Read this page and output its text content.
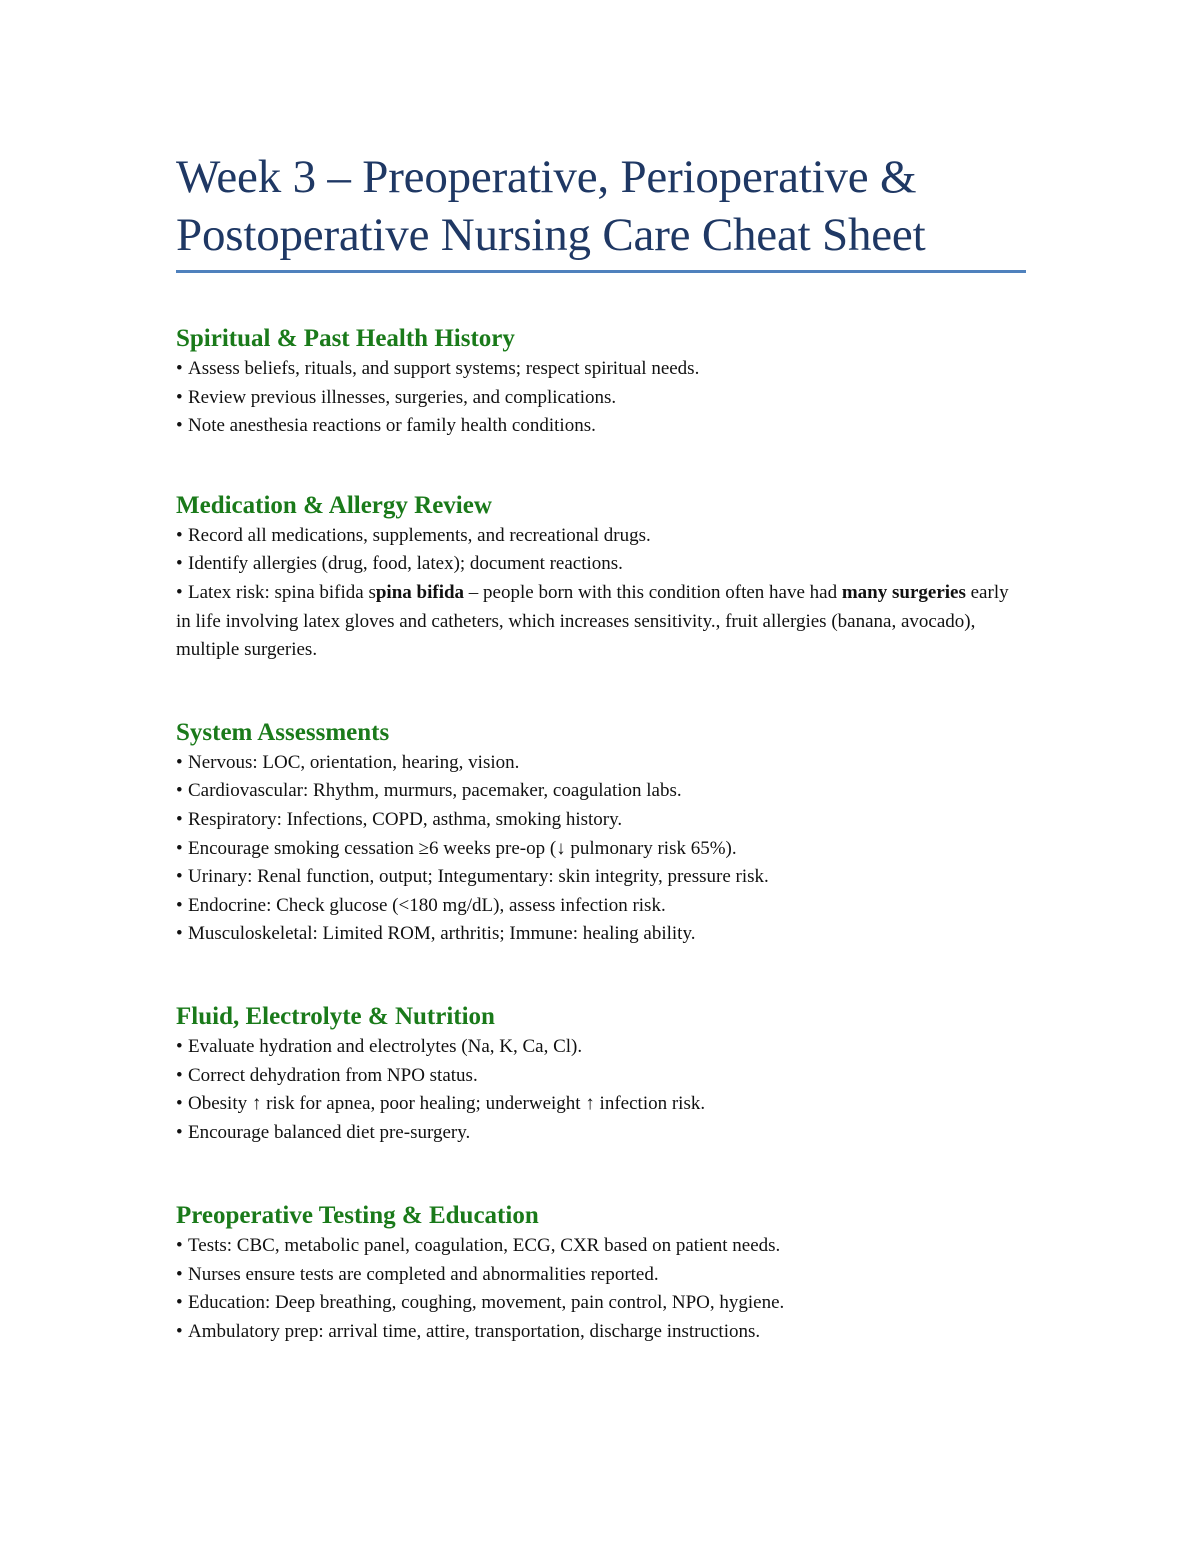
Week 3 – Preoperative, Perioperative &
Postoperative Nursing Care Cheat Sheet
Spiritual & Past Health History
• Assess beliefs, rituals, and support systems; respect spiritual needs.
• Review previous illnesses, surgeries, and complications.
• Note anesthesia reactions or family health conditions.
Medication & Allergy Review
• Record all medications, supplements, and recreational drugs.
• Identify allergies (drug, food, latex); document reactions.
• Latex risk: spina bifida spina bifida – people born with this condition often have had many surgeries early in life involving latex gloves and catheters, which increases sensitivity., fruit allergies (banana, avocado), multiple surgeries.
System Assessments
• Nervous: LOC, orientation, hearing, vision.
• Cardiovascular: Rhythm, murmurs, pacemaker, coagulation labs.
• Respiratory: Infections, COPD, asthma, smoking history.
• Encourage smoking cessation ≥6 weeks pre-op (↓ pulmonary risk 65%).
• Urinary: Renal function, output; Integumentary: skin integrity, pressure risk.
• Endocrine: Check glucose (<180 mg/dL), assess infection risk.
• Musculoskeletal: Limited ROM, arthritis; Immune: healing ability.
Fluid, Electrolyte & Nutrition
• Evaluate hydration and electrolytes (Na, K, Ca, Cl).
• Correct dehydration from NPO status.
• Obesity ↑ risk for apnea, poor healing; underweight ↑ infection risk.
• Encourage balanced diet pre-surgery.
Preoperative Testing & Education
• Tests: CBC, metabolic panel, coagulation, ECG, CXR based on patient needs.
• Nurses ensure tests are completed and abnormalities reported.
• Education: Deep breathing, coughing, movement, pain control, NPO, hygiene.
• Ambulatory prep: arrival time, attire, transportation, discharge instructions.
